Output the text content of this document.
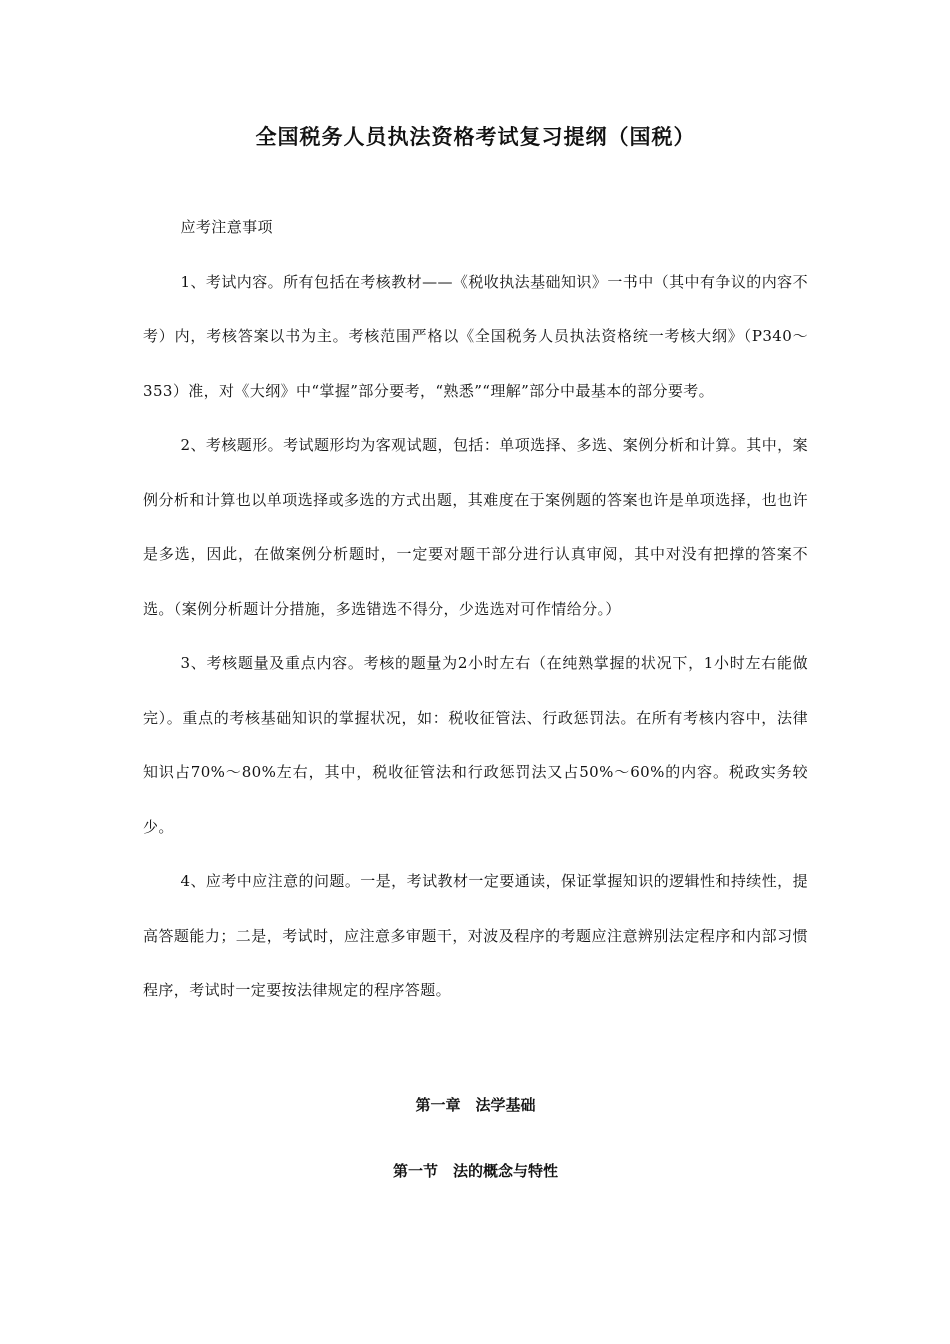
全国税务人员执法资格考试复习提纲（国税）

应考注意事项

1、考试内容。所有包括在考核教材——《税收执法基础知识》一书中（其中有争议的内容不考）内，考核答案以书为主。考核范围严格以《全国税务人员执法资格统一考核大纲》（P340～353）准，对《大纲》中“掌握”部分要考，“熟悉”“理解”部分中最基本的部分要考。

2、考核题形。考试题形均为客观试题，包括：单项选择、多选、案例分析和计算。其中，案例分析和计算也以单项选择或多选的方式出题，其难度在于案例题的答案也许是单项选择，也也许是多选，因此，在做案例分析题时，一定要对题干部分进行认真审阅，其中对没有把撑的答案不选。（案例分析题计分措施，多选错选不得分，少选选对可作情给分。）

3、考核题量及重点内容。考核的题量为2小时左右（在纯熟掌握的状况下，1小时左右能做完）。重点的考核基础知识的掌握状况，如：税收征管法、行政惩罚法。在所有考核内容中，法律知识占70%～80%左右，其中，税收征管法和行政惩罚法又占50%～60%的内容。税政实务较少。

4、应考中应注意的问题。一是，考试教材一定要通读，保证掌握知识的逻辑性和持续性，提高答题能力；二是，考试时，应注意多审题干，对波及程序的考题应注意辨别法定程序和内部习惯程序，考试时一定要按法律规定的程序答题。

第一章　法学基础
第一节　法的概念与特性
